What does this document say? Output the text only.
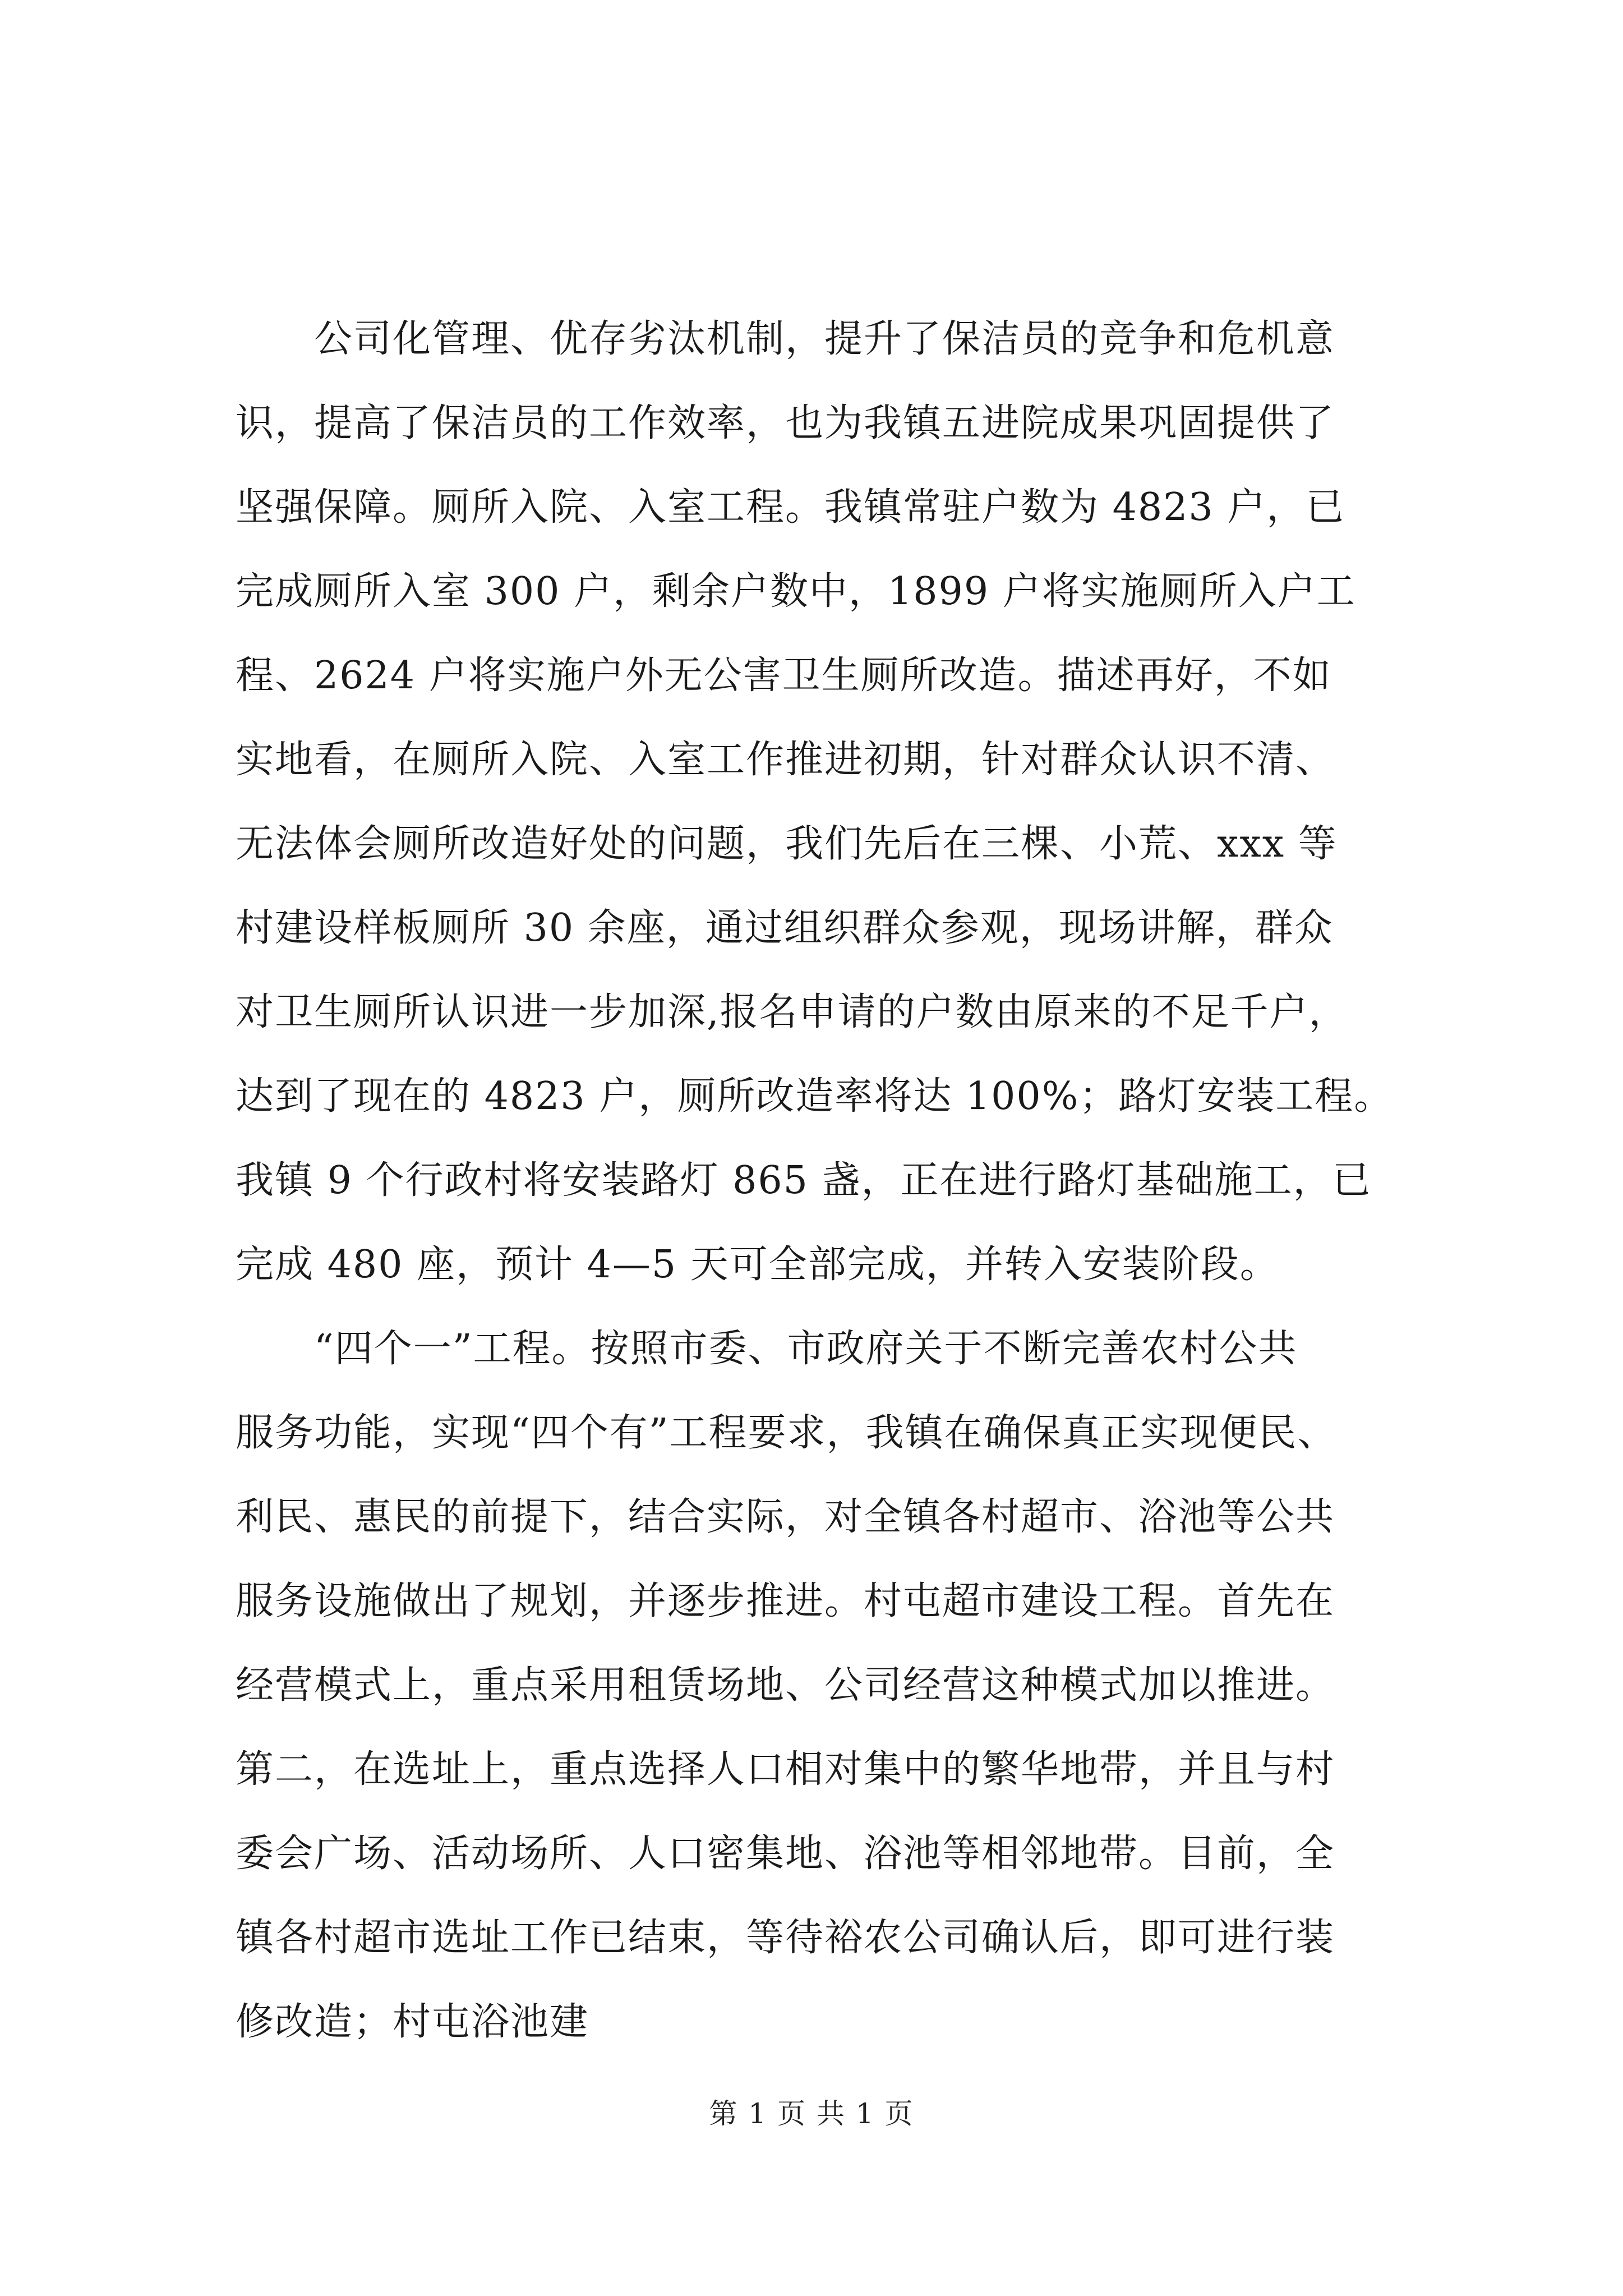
公司化管理、优存劣汰机制，提升了保洁员的竞争和危机意
识，提高了保洁员的工作效率，也为我镇五进院成果巩固提供了
坚强保障。厕所入院、入室工程。我镇常驻户数为 4823 户，已
完成厕所入室 300 户，剩余户数中，1899 户将实施厕所入户工
程、2624 户将实施户外无公害卫生厕所改造。描述再好，不如
实地看，在厕所入院、入室工作推进初期，针对群众认识不清、
无法体会厕所改造好处的问题，我们先后在三棵、小荒、xxx 等
村建设样板厕所 30 余座，通过组织群众参观，现场讲解，群众
对卫生厕所认识进一步加深,报名申请的户数由原来的不足千户，
达到了现在的 4823 户，厕所改造率将达 100%；路灯安装工程。
我镇 9 个行政村将安装路灯 865 盏，正在进行路灯基础施工，已
完成 480 座，预计 4—5 天可全部完成，并转入安装阶段。
“四个一”工程。按照市委、市政府关于不断完善农村公共
服务功能，实现“四个有”工程要求，我镇在确保真正实现便民、
利民、惠民的前提下，结合实际，对全镇各村超市、浴池等公共
服务设施做出了规划，并逐步推进。村屯超市建设工程。首先在
经营模式上，重点采用租赁场地、公司经营这种模式加以推进。
第二，在选址上，重点选择人口相对集中的繁华地带，并且与村
委会广场、活动场所、人口密集地、浴池等相邻地带。目前，全
镇各村超市选址工作已结束，等待裕农公司确认后，即可进行装
修改造；村屯浴池建
第 1 页 共 1 页
